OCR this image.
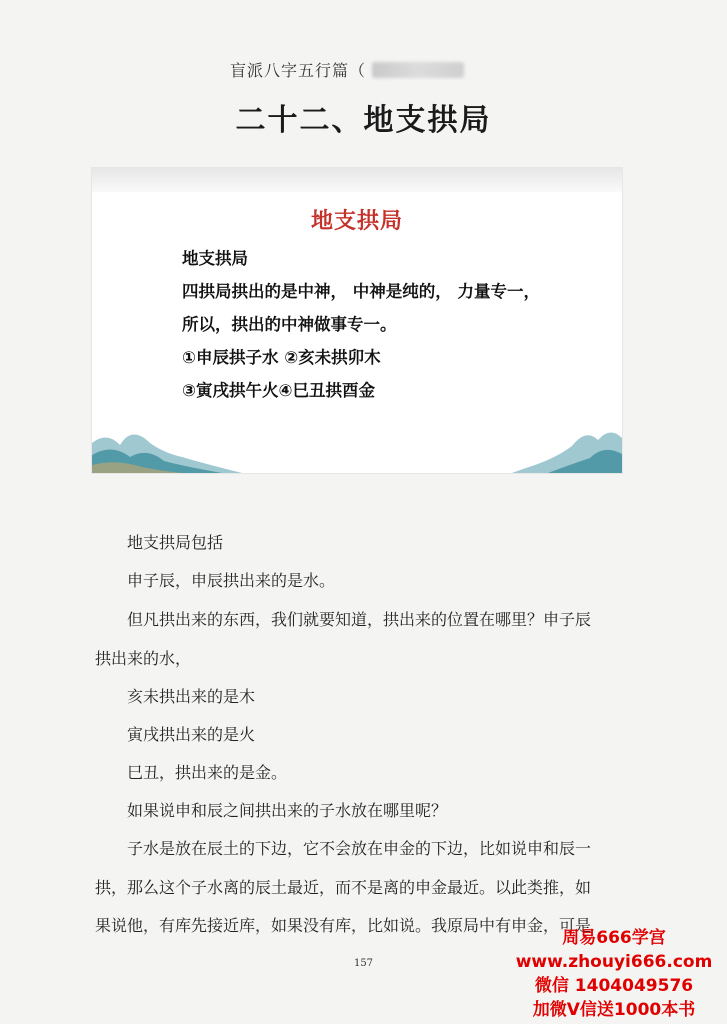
盲派八字五行篇（
二十二、地支拱局
地支拱局
地支拱局
四拱局拱出的是中神， 中神是纯的， 力量专一，
所以，拱出的中神做事专一。
①申辰拱子水 ②亥未拱卯木
③寅戌拱午火④巳丑拱酉金
地支拱局包括
申子辰，申辰拱出来的是水。
但凡拱出来的东西，我们就要知道，拱出来的位置在哪里？申子辰
拱出来的水，
亥未拱出来的是木
寅戌拱出来的是火
巳丑，拱出来的是金。
如果说申和辰之间拱出来的子水放在哪里呢？
子水是放在辰土的下边，它不会放在申金的下边，比如说申和辰一
拱，那么这个子水离的辰土最近，而不是离的申金最近。以此类推，如
果说他，有库先接近库，如果没有库，比如说。我原局中有申金，可是
157
周易666学宫
www.zhouyi666.com
微信 1404049576
加微V信送1000本书
